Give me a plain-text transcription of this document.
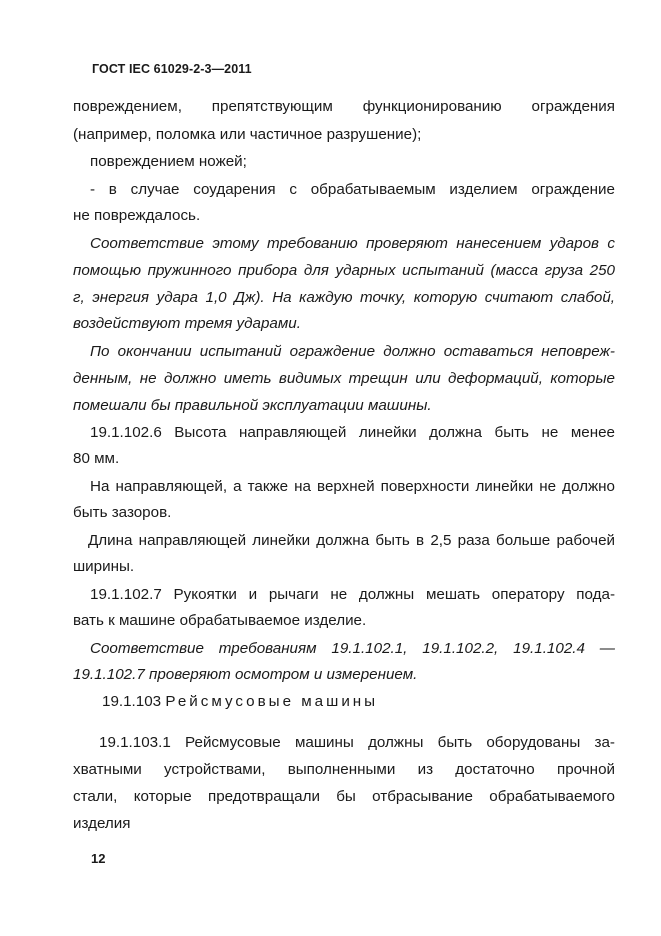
ГОСТ IEC 61029-2-3—2011
повреждением, препятствующим функционированию ограждения
(например, поломка или частичное разрушение);
повреждением ножей;
- в случае соударения с обрабатываемым изделием ограждение
не повреждалось.
Соответствие этому требованию проверяют нанесением ударов с
помощью пружинного прибора для ударных испытаний (масса груза 250
г, энергия удара 1,0 Дж). На каждую точку, которую считают слабой,
воздействуют тремя ударами.
По окончании испытаний ограждение должно оставаться неповреж-
денным, не должно иметь видимых трещин или деформаций, которые
помешали бы правильной эксплуатации машины.
19.1.102.6 Высота направляющей линейки должна быть не менее
80 мм.
На направляющей, а также на верхней поверхности линейки не должно
быть зазоров.
Длина направляющей линейки должна быть в 2,5 раза больше рабочей
ширины.
19.1.102.7 Рукоятки и рычаги не должны мешать оператору пода-
вать к машине обрабатываемое изделие.
Соответствие требованиям 19.1.102.1, 19.1.102.2, 19.1.102.4 —
19.1.102.7 проверяют осмотром и измерением.
19.1.103 Рейсмусовые машины
19.1.103.1 Рейсмусовые машины должны быть оборудованы за-
хватными устройствами, выполненными из достаточно прочной
стали, которые предотвращали бы отбрасывание обрабатываемого
изделия
12
